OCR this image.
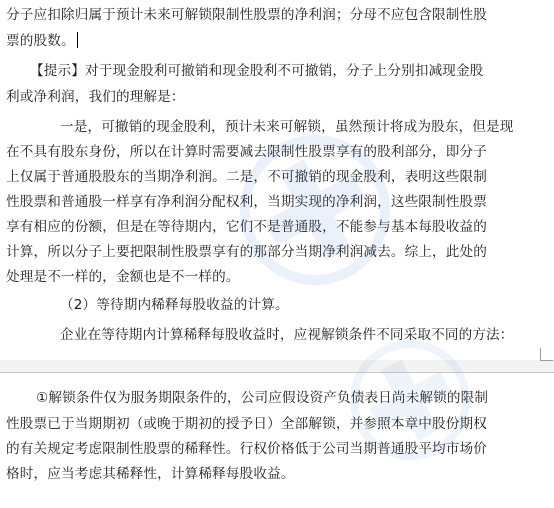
分子应扣除归属于预计未来可解锁限制性股票的净利润；分母不应包含限制性股
票的股数。
【提示】对于现金股利可撤销和现金股利不可撤销，分子上分别扣减现金股
利或净利润，我们的理解是：
一是，可撤销的现金股利，预计未来可解锁，虽然预计将成为股东，但是现
在不具有股东身份，所以在计算时需要减去限制性股票享有的股利部分，即分子
上仅属于普通股股东的当期净利润。二是，不可撤销的现金股利，表明这些限制
性股票和普通股一样享有净利润分配权利，当期实现的净利润，这些限制性股票
享有相应的份额，但是在等待期内，它们不是普通股，不能参与基本每股收益的
计算，所以分子上要把限制性股票享有的那部分当期净利润减去。综上，此处的
处理是不一样的，金额也是不一样的。
（2）等待期内稀释每股收益的计算。
企业在等待期内计算稀释每股收益时，应视解锁条件不同采取不同的方法：
①解锁条件仅为服务期限条件的，公司应假设资产负债表日尚未解锁的限制
性股票已于当期期初（或晚于期初的授予日）全部解锁，并参照本章中股份期权
的有关规定考虑限制性股票的稀释性。行权价格低于公司当期普通股平均市场价
格时，应当考虑其稀释性，计算稀释每股收益。
